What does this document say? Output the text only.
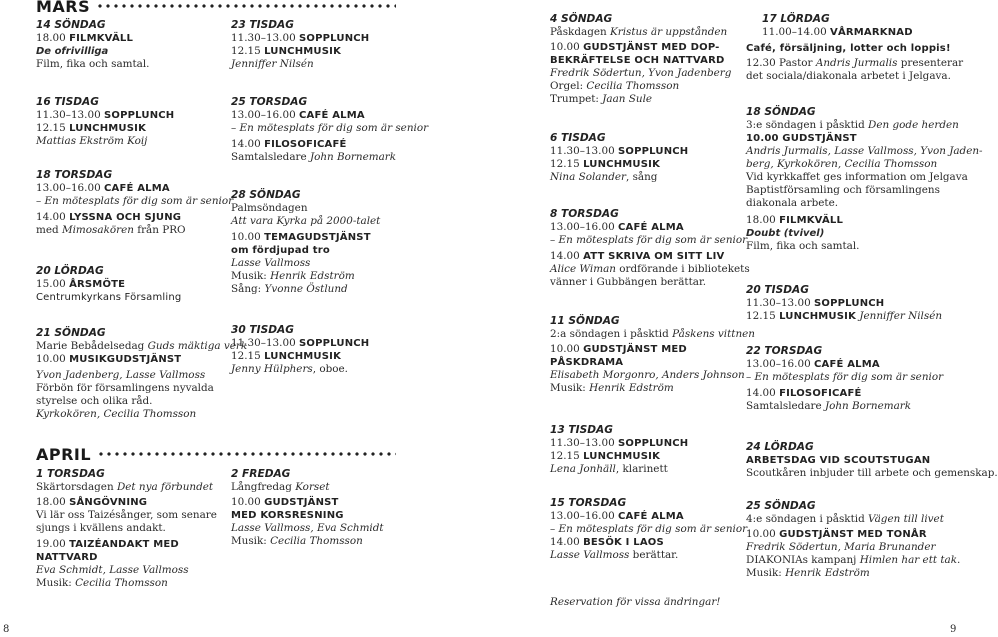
MARS
APRIL
14 SÖNDAG
18.00 FILMKVÄLL
De ofrivilliga
Film, fika och samtal.
16 TISDAG
11.30–13.00 SOPPLUNCH
12.15 LUNCHMUSIK
Mattias Ekström Koij
18 TORSDAG
13.00–16.00 CAFÉ ALMA
– En mötesplats för dig som är senior
14.00 LYSSNA OCH SJUNG
med Mimosakören från PRO
20 LÖRDAG
15.00 ÅRSMÖTE
Centrumkyrkans Församling
21 SÖNDAG
Marie Bebådelsedag Guds mäktiga verk
10.00 MUSIKGUDSTJÄNST
Yvon Jadenberg, Lasse Vallmoss
Förbön för församlingens nyvalda
styrelse och olika råd.
Kyrkokören, Cecilia Thomsson
1 TORSDAG
Skärtorsdagen Det nya förbundet
18.00 SÅNGÖVNING
Vi lär oss Taizésånger, som senare
sjungs i kvällens andakt.
19.00 TAIZÉANDAKT MED
NATTVARD
Eva Schmidt, Lasse Vallmoss
Musik: Cecilia Thomsson
23 TISDAG
11.30–13.00 SOPPLUNCH
12.15 LUNCHMUSIK
Jenniffer Nilsén
25 TORSDAG
13.00–16.00 CAFÉ ALMA
– En mötesplats för dig som är senior
14.00 FILOSOFICAFÉ
Samtalsledare John Bornemark
28 SÖNDAG
Palmsöndagen
Att vara Kyrka på 2000-talet
10.00 TEMAGUDSTJÄNST
om fördjupad tro
Lasse Vallmoss
Musik: Henrik Edström
Sång: Yvonne Östlund
30 TISDAG
11.30–13.00 SOPPLUNCH
12.15 LUNCHMUSIK
Jenny Hülphers, oboe.
2 FREDAG
Långfredag Korset
10.00 GUDSTJÄNST
MED KORSRESNING
Lasse Vallmoss, Eva Schmidt
Musik: Cecilia Thomsson
4 SÖNDAG
Påskdagen Kristus är uppstånden
10.00 GUDSTJÄNST MED DOP-
BEKRÄFTELSE OCH NATTVARD
Fredrik Södertun, Yvon Jadenberg
Orgel: Cecilia Thomsson
Trumpet: Jaan Sule
6 TISDAG
11.30–13.00 SOPPLUNCH
12.15 LUNCHMUSIK
Nina Solander, sång
8 TORSDAG
13.00–16.00 CAFÉ ALMA
– En mötesplats för dig som är senior
14.00 ATT SKRIVA OM SITT LIV
Alice Wiman ordförande i bibliotekets
vänner i Gubbängen berättar.
11 SÖNDAG
2:a söndagen i påsktid Påskens vittnen
10.00 GUDSTJÄNST MED
PÅSKDRAMA
Elisabeth Morgonro, Anders Johnson
Musik: Henrik Edström
13 TISDAG
11.30–13.00 SOPPLUNCH
12.15 LUNCHMUSIK
Lena Jonhäll, klarinett
15 TORSDAG
13.00–16.00 CAFÉ ALMA
– En mötesplats för dig som är senior
14.00 BESÖK I LAOS
Lasse Vallmoss berättar.
Reservation för vissa ändringar!
17 LÖRDAG
11.00–14.00 VÅRMARKNAD
Café, försäljning, lotter och loppis!
12.30 Pastor Andris Jurmalis presenterar
det sociala/diakonala arbetet i Jelgava.
18 SÖNDAG
3:e söndagen i påsktid Den gode herden
10.00 GUDSTJÄNST
Andris Jurmalis, Lasse Vallmoss, Yvon Jaden-
berg, Kyrkokören, Cecilia Thomsson
Vid kyrkkaffet ges information om Jelgava
Baptistförsamling och församlingens
diakonala arbete.
18.00 FILMKVÄLL
Doubt (tvivel)
Film, fika och samtal.
20 TISDAG
11.30–13.00 SOPPLUNCH
12.15 LUNCHMUSIK Jenniffer Nilsén
22 TORSDAG
13.00–16.00 CAFÉ ALMA
– En mötesplats för dig som är senior
14.00 FILOSOFICAFÉ
Samtalsledare John Bornemark
24 LÖRDAG
ARBETSDAG VID SCOUTSTUGAN
Scoutkåren inbjuder till arbete och gemenskap.
25 SÖNDAG
4:e söndagen i påsktid Vägen till livet
10.00 GUDSTJÄNST MED TONÅR
Fredrik Södertun, Maria Brunander
DIAKONIAs kampanj Himlen har ett tak.
Musik: Henrik Edström
8	9
